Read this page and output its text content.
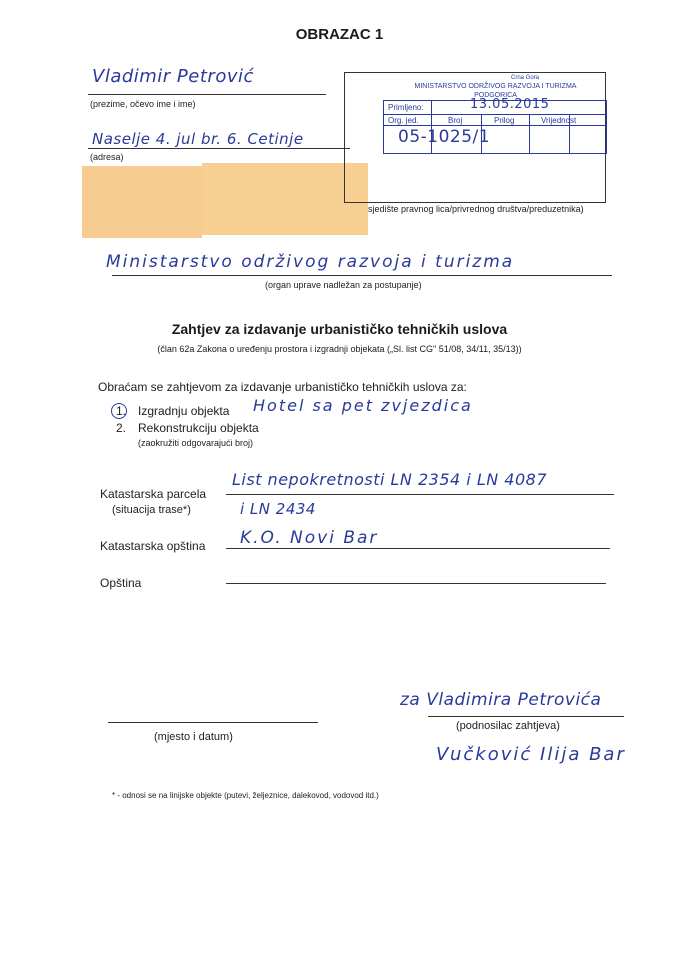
OBRAZAC 1
Vladimir Petrović
(prezime, očevo ime i ime)
Naselje 4. jul br. 6. Cetinje
(adresa)
sjedište pravnog lica/privrednog društva/preduzetnika)
Crna Gora
MINISTARSTVO ODRŽIVOG RAZVOJA I TURIZMA
PODGORICA
Primljeno:	13.05.2015
Org. jed.	Broj	Prilog	Vrijednost
05-1025/1
Ministarstvo održivog razvoja i turizma
(organ uprave nadležan za postupanje)
Zahtjev za izdavanje urbanističko tehničkih uslova
(član 62a Zakona o uređenju prostora i izgradnji objekata („Sl. list CG" 51/08, 34/11, 35/13))
Obraćam se zahtjevom za izdavanje urbanističko tehničkih uslova za:
1. Izgradnju objekta Hotel sa pet zvjezdica
2. Rekonstrukciju objekta
(zaokružiti odgovarajući broj)
List nepokretnosti LN 2354 i LN 4087
Katastarska parcela
(situacija trase*)	i LN 2434
K.O. Novi Bar
Katastarska opština
Opština
za Vladimira Petrovića
(podnosilac zahtjeva)
(mjesto i datum)
Vučković Ilija Bar
* - odnosi se na linijske objekte (putevi, željeznice, dalekovod, vodovod itd.)
